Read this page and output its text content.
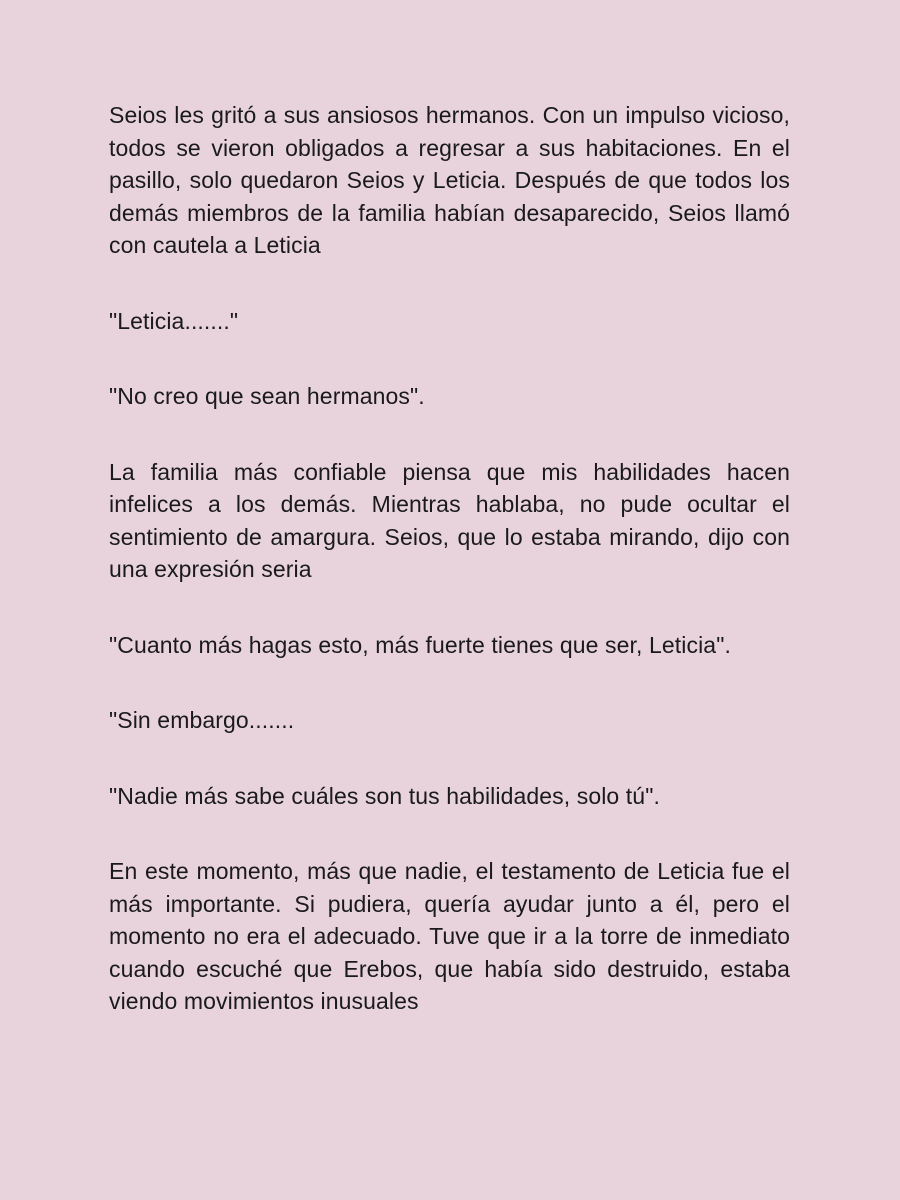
Seios les gritó a sus ansiosos hermanos. Con un impulso vicioso, todos se vieron obligados a regresar a sus habitaciones. En el pasillo, solo quedaron Seios y Leticia. Después de que todos los demás miembros de la familia habían desaparecido, Seios llamó con cautela a Leticia

"Leticia......."

"No creo que sean hermanos".

La familia más confiable piensa que mis habilidades hacen infelices a los demás. Mientras hablaba, no pude ocultar el sentimiento de amargura. Seios, que lo estaba mirando, dijo con una expresión seria

"Cuanto más hagas esto, más fuerte tienes que ser, Leticia".

"Sin embargo.......

"Nadie más sabe cuáles son tus habilidades, solo tú".

En este momento, más que nadie, el testamento de Leticia fue el más importante. Si pudiera, quería ayudar junto a él, pero el momento no era el adecuado. Tuve que ir a la torre de inmediato cuando escuché que Erebos, que había sido destruido, estaba viendo movimientos inusuales
